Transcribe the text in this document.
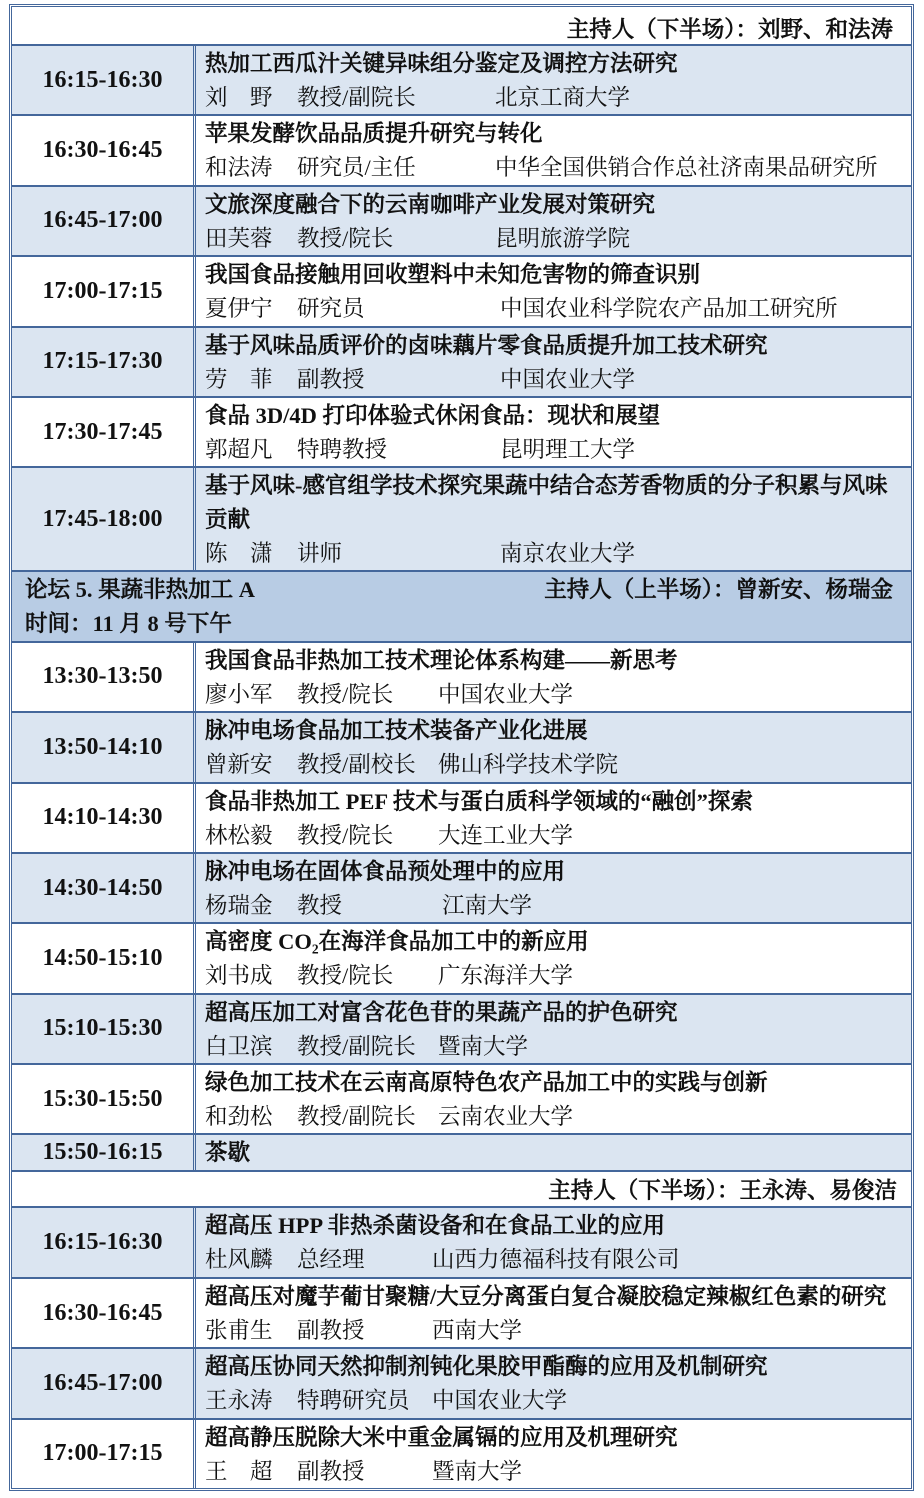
主持人（下半场）：刘野、和法涛
16:15-16:30
热加工西瓜汁关键异味组分鉴定及调控方法研究
刘　野 教授/副院长	北京工商大学
16:30-16:45
苹果发酵饮品品质提升研究与转化
和法涛 研究员/主任	中华全国供销合作总社济南果品研究所
16:45-17:00
文旅深度融合下的云南咖啡产业发展对策研究
田芙蓉 教授/院长	昆明旅游学院
17:00-17:15
我国食品接触用回收塑料中未知危害物的筛查识别
夏伊宁 研究员	中国农业科学院农产品加工研究所
17:15-17:30
基于风味品质评价的卤味藕片零食品质提升加工技术研究
劳　菲 副教授	中国农业大学
17:30-17:45
食品 3D/4D 打印体验式休闲食品：现状和展望
郭超凡 特聘教授	昆明理工大学
17:45-18:00
基于风味-感官组学技术探究果蔬中结合态芳香物质的分子积累与风味
贡献
陈　潇 讲师	南京农业大学
论坛 5. 果蔬非热加工 A	主持人（上半场）：曾新安、杨瑞金
时间：11 月 8 号下午
13:30-13:50
我国食品非热加工技术理论体系构建——新思考
廖小军 教授/院长 中国农业大学
13:50-14:10
脉冲电场食品加工技术装备产业化进展
曾新安 教授/副校长 佛山科学技术学院
14:10-14:30
食品非热加工 PEF 技术与蛋白质科学领域的“融创”探索
林松毅 教授/院长 大连工业大学
14:30-14:50
脉冲电场在固体食品预处理中的应用
杨瑞金 教授	江南大学
14:50-15:10
高密度 CO₂在海洋食品加工中的新应用
刘书成 教授/院长 广东海洋大学
15:10-15:30
超高压加工对富含花色苷的果蔬产品的护色研究
白卫滨 教授/副院长 暨南大学
15:30-15:50
绿色加工技术在云南高原特色农产品加工中的实践与创新
和劲松 教授/副院长 云南农业大学
15:50-16:15	茶歇
主持人（下半场）：王永涛、易俊洁
16:15-16:30
超高压 HPP 非热杀菌设备和在食品工业的应用
杜风麟 总经理	山西力德福科技有限公司
16:30-16:45
超高压对魔芋葡甘聚糖/大豆分离蛋白复合凝胶稳定辣椒红色素的研究
张甫生 副教授	西南大学
16:45-17:00
超高压协同天然抑制剂钝化果胶甲酯酶的应用及机制研究
王永涛 特聘研究员 中国农业大学
17:00-17:15
超高静压脱除大米中重金属镉的应用及机理研究
王　超 副教授	暨南大学
